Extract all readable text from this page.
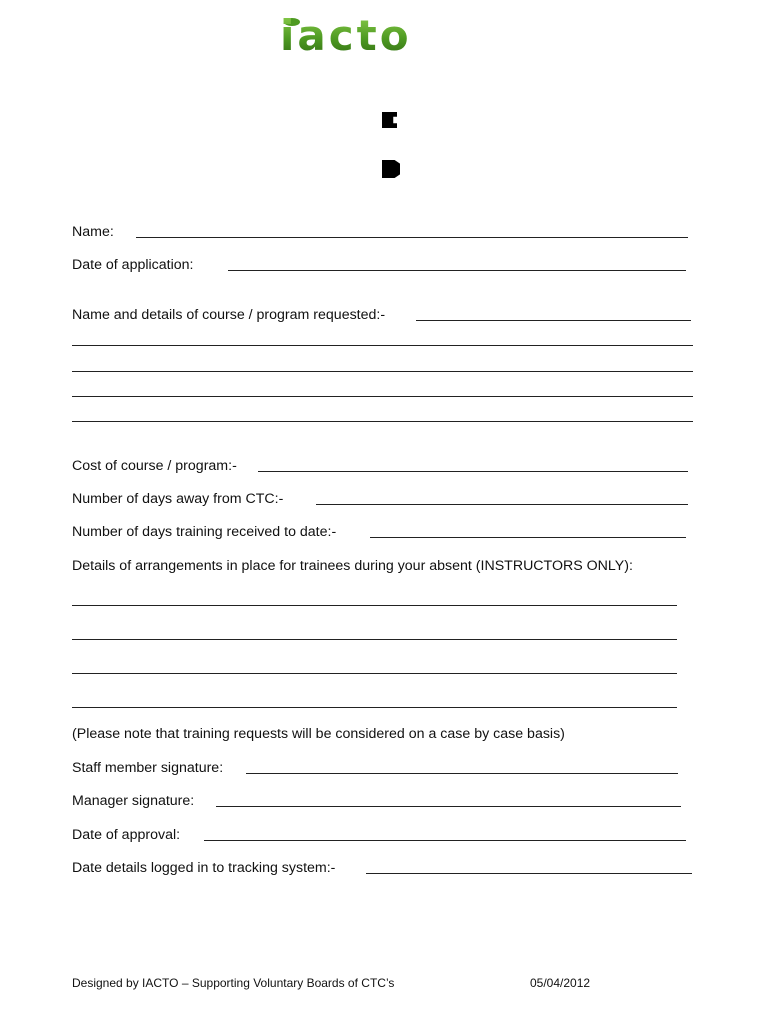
iacto
Name:
Date of application:
Name and details of course / program requested:-
Cost of course / program:-
Number of days away from CTC:-
Number of days training received to date:-
Details of arrangements in place for trainees during your absent (INSTRUCTORS ONLY):
(Please note that training requests will be considered on a case by case basis)
Staff member signature:
Manager signature:
Date of approval:
Date details logged in to tracking system:-
Designed by IACTO – Supporting Voluntary Boards of CTC’s	05/04/2012
